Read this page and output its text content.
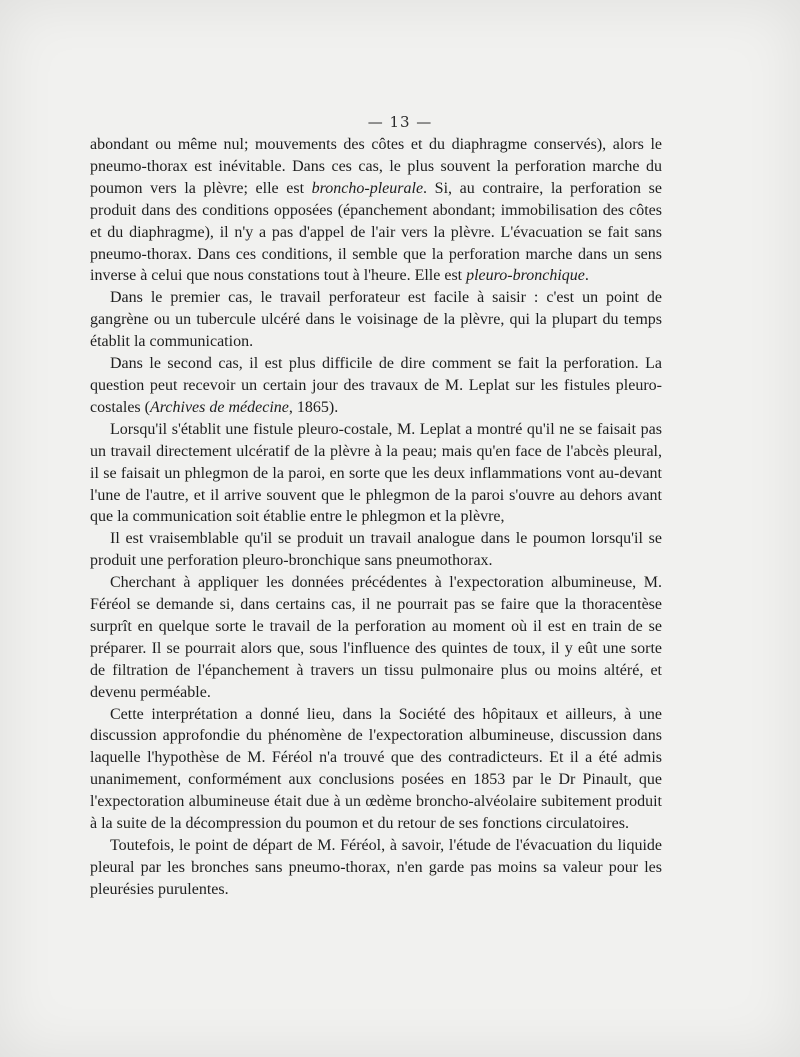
— 13 —

abondant ou même nul; mouvements des côtes et du diaphragme conservés), alors le pneumo-thorax est inévitable. Dans ces cas, le plus souvent la perforation marche du poumon vers la plèvre; elle est broncho-pleurale. Si, au contraire, la perforation se produit dans des conditions opposées (épanchement abondant; immobilisation des côtes et du diaphragme), il n'y a pas d'appel de l'air vers la plèvre. L'évacuation se fait sans pneumo-thorax. Dans ces conditions, il semble que la perforation marche dans un sens inverse à celui que nous constations tout à l'heure. Elle est pleuro-bronchique.

Dans le premier cas, le travail perforateur est facile à saisir : c'est un point de gangrène ou un tubercule ulcéré dans le voisinage de la plèvre, qui la plupart du temps établit la communication.

Dans le second cas, il est plus difficile de dire comment se fait la perforation. La question peut recevoir un certain jour des travaux de M. Leplat sur les fistules pleuro-costales (Archives de médecine, 1865).

Lorsqu'il s'établit une fistule pleuro-costale, M. Leplat a montré qu'il ne se faisait pas un travail directement ulcératif de la plèvre à la peau; mais qu'en face de l'abcès pleural, il se faisait un phlegmon de la paroi, en sorte que les deux inflammations vont au-devant l'une de l'autre, et il arrive souvent que le phlegmon de la paroi s'ouvre au dehors avant que la communication soit établie entre le phlegmon et la plèvre,

Il est vraisemblable qu'il se produit un travail analogue dans le poumon lorsqu'il se produit une perforation pleuro-bronchique sans pneumothorax.

Cherchant à appliquer les données précédentes à l'expectoration albumineuse, M. Féréol se demande si, dans certains cas, il ne pourrait pas se faire que la thoracentèse surprît en quelque sorte le travail de la perforation au moment où il est en train de se préparer. Il se pourrait alors que, sous l'influence des quintes de toux, il y eût une sorte de filtration de l'épanchement à travers un tissu pulmonaire plus ou moins altéré, et devenu perméable.

Cette interprétation a donné lieu, dans la Société des hôpitaux et ailleurs, à une discussion approfondie du phénomène de l'expectoration albumineuse, discussion dans laquelle l'hypothèse de M. Féréol n'a trouvé que des contradicteurs. Et il a été admis unanimement, conformément aux conclusions posées en 1853 par le Dr Pinault, que l'expectoration albumineuse était due à un œdème broncho-alvéolaire subitement produit à la suite de la décompression du poumon et du retour de ses fonctions circulatoires.

Toutefois, le point de départ de M. Féréol, à savoir, l'étude de l'évacuation du liquide pleural par les bronches sans pneumo-thorax, n'en garde pas moins sa valeur pour les pleurésies purulentes.
